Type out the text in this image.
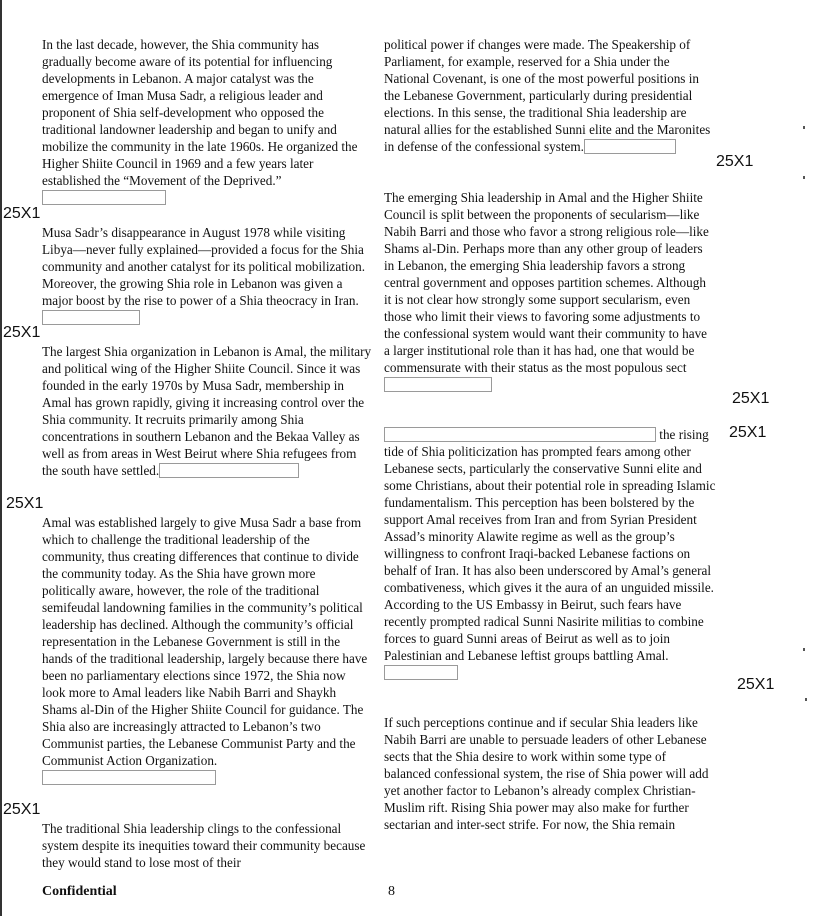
In the last decade, however, the Shia community has gradually become aware of its potential for influencing developments in Lebanon. A major catalyst was the emergence of Iman Musa Sadr, a religious leader and proponent of Shia self-development who opposed the traditional landowner leadership and began to unify and mobilize the community in the late 1960s. He organized the Higher Shiite Council in 1969 and a few years later established the “Movement of the Deprived.”

Musa Sadr’s disappearance in August 1978 while visiting Libya—never fully explained—provided a focus for the Shia community and another catalyst for its political mobilization. Moreover, the growing Shia role in Lebanon was given a major boost by the rise to power of a Shia theocracy in Iran.

The largest Shia organization in Lebanon is Amal, the military and political wing of the Higher Shiite Council. Since it was founded in the early 1970s by Musa Sadr, membership in Amal has grown rapidly, giving it increasing control over the Shia community. It recruits primarily among Shia concentrations in southern Lebanon and the Bekaa Valley as well as from areas in West Beirut where Shia refugees from the south have settled.

Amal was established largely to give Musa Sadr a base from which to challenge the traditional leadership of the community, thus creating differences that continue to divide the community today. As the Shia have grown more politically aware, however, the role of the traditional semifeudal landowning families in the community’s political leadership has declined. Although the community’s official representation in the Lebanese Government is still in the hands of the traditional leadership, largely because there have been no parliamentary elections since 1972, the Shia now look more to Amal leaders like Nabih Barri and Shaykh Shams al-Din of the Higher Shiite Council for guidance. The Shia also are increasingly attracted to Lebanon’s two Communist parties, the Lebanese Communist Party and the Communist Action Organization.

The traditional Shia leadership clings to the confessional system despite its inequities toward their community because they would stand to lose most of their

political power if changes were made. The Speakership of Parliament, for example, reserved for a Shia under the National Covenant, is one of the most powerful positions in the Lebanese Government, particularly during presidential elections. In this sense, the traditional Shia leadership are natural allies for the established Sunni elite and the Maronites in defense of the confessional system.

The emerging Shia leadership in Amal and the Higher Shiite Council is split between the proponents of secularism—like Nabih Barri and those who favor a strong religious role—like Shams al-Din. Perhaps more than any other group of leaders in Lebanon, the emerging Shia leadership favors a strong central government and opposes partition schemes. Although it is not clear how strongly some support secularism, even those who limit their views to favoring some adjustments to the confessional system would want their community to have a larger institutional role than it has had, one that would be commensurate with their status as the most populous sect

the rising tide of Shia politicization has prompted fears among other Lebanese sects, particularly the conservative Sunni elite and some Christians, about their potential role in spreading Islamic fundamentalism. This perception has been bolstered by the support Amal receives from Iran and from Syrian President Assad’s minority Alawite regime as well as the group’s willingness to confront Iraqi-backed Lebanese factions on behalf of Iran. It has also been underscored by Amal’s general combativeness, which gives it the aura of an unguided missile. According to the US Embassy in Beirut, such fears have recently prompted radical Sunni Nasirite militias to combine forces to guard Sunni areas of Beirut as well as to join Palestinian and Lebanese leftist groups battling Amal.

If such perceptions continue and if secular Shia leaders like Nabih Barri are unable to persuade leaders of other Lebanese sects that the Shia desire to work within some type of balanced confessional system, the rise of Shia power will add yet another factor to Lebanon’s already complex Christian-Muslim rift. Rising Shia power may also make for further sectarian and inter-sect strife. For now, the Shia remain

25X1
25X1
25X1
25X1
25X1
25X1
25X1
25X1
Confidential	8
